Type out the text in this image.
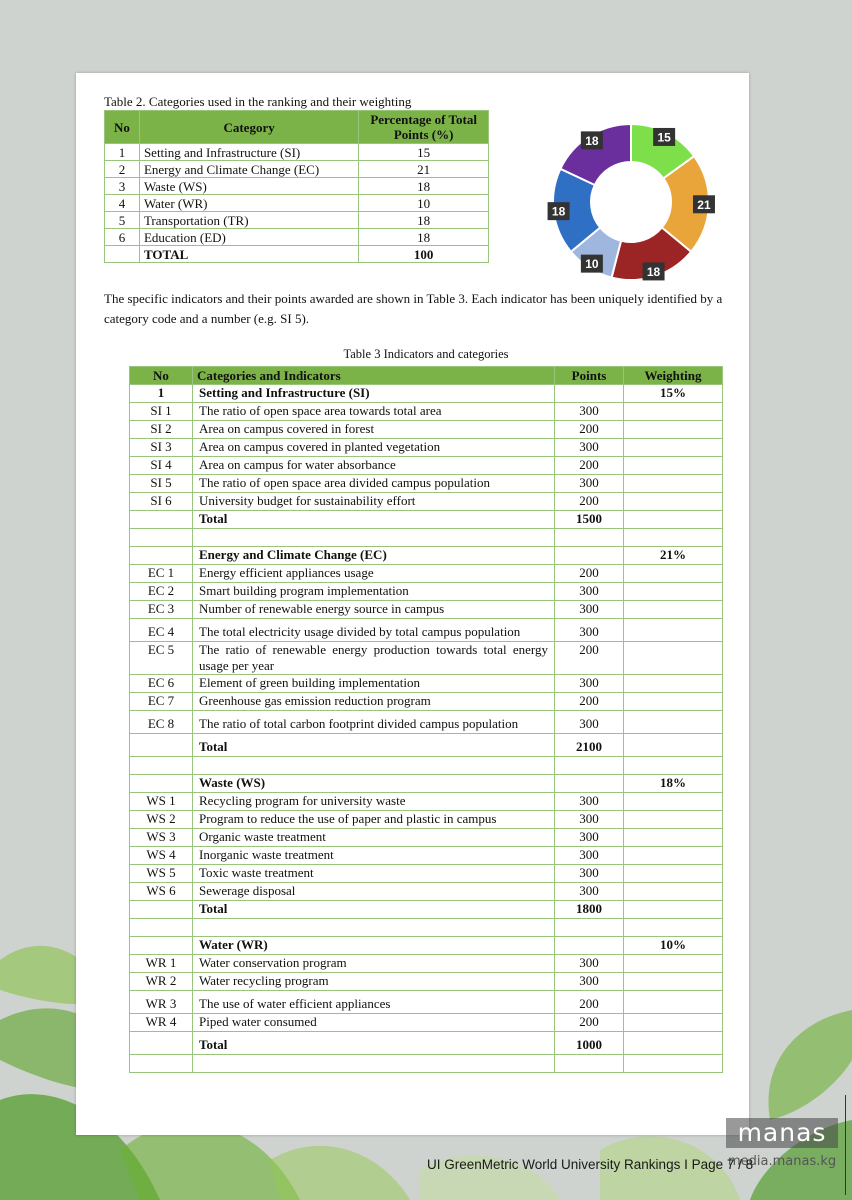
Table 2. Categories used in the ranking and their weighting
No	Category	Percentage of Total Points (%)
1	Setting and Infrastructure (SI)	15
2	Energy and Climate Change (EC)	21
3	Waste (WS)	18
4	Water (WR)	10
5	Transportation (TR)	18
6	Education (ED)	18
	TOTAL	100
15
21
18
10
18
18
The specific indicators and their points awarded are shown in Table 3. Each indicator has been uniquely identified by a category code and a number (e.g. SI 5).
Table 3 Indicators and categories
No	Categories and Indicators	Points	Weighting
1	Setting and Infrastructure (SI)		15%
SI 1	The ratio of open space area towards total area	300	
SI 2	Area on campus covered in forest	200	
SI 3	Area on campus covered in planted vegetation	300	
SI 4	Area on campus for water absorbance	200	
SI 5	The ratio of open space area divided campus population	300	
SI 6	University budget for sustainability effort	200	
	Total	1500	

	Energy and Climate Change (EC)		21%
EC 1	Energy efficient appliances usage	200	
EC 2	Smart building program implementation	300	
EC 3	Number of renewable energy source in campus	300	
EC 4	The total electricity usage divided by total campus population	300	
EC 5	The ratio of renewable energy production towards total energy usage per year	200	
EC 6	Element of green building implementation	300	
EC 7	Greenhouse gas emission reduction program	200	
EC 8	The ratio of total carbon footprint divided campus population	300	
	Total	2100	

	Waste (WS)		18%
WS 1	Recycling program for university waste	300	
WS 2	Program to reduce the use of paper and plastic in campus	300	
WS 3	Organic waste treatment	300	
WS 4	Inorganic waste treatment	300	
WS 5	Toxic waste treatment	300	
WS 6	Sewerage disposal	300	
	Total	1800	

	Water (WR)		10%
WR 1	Water conservation program	300	
WR 2	Water recycling program	300	
WR 3	The use of water efficient appliances	200	
WR 4	Piped water consumed	200	
	Total	1000	

manas
media.manas.kg
UI GreenMetric World University Rankings I Page 7 / 8
